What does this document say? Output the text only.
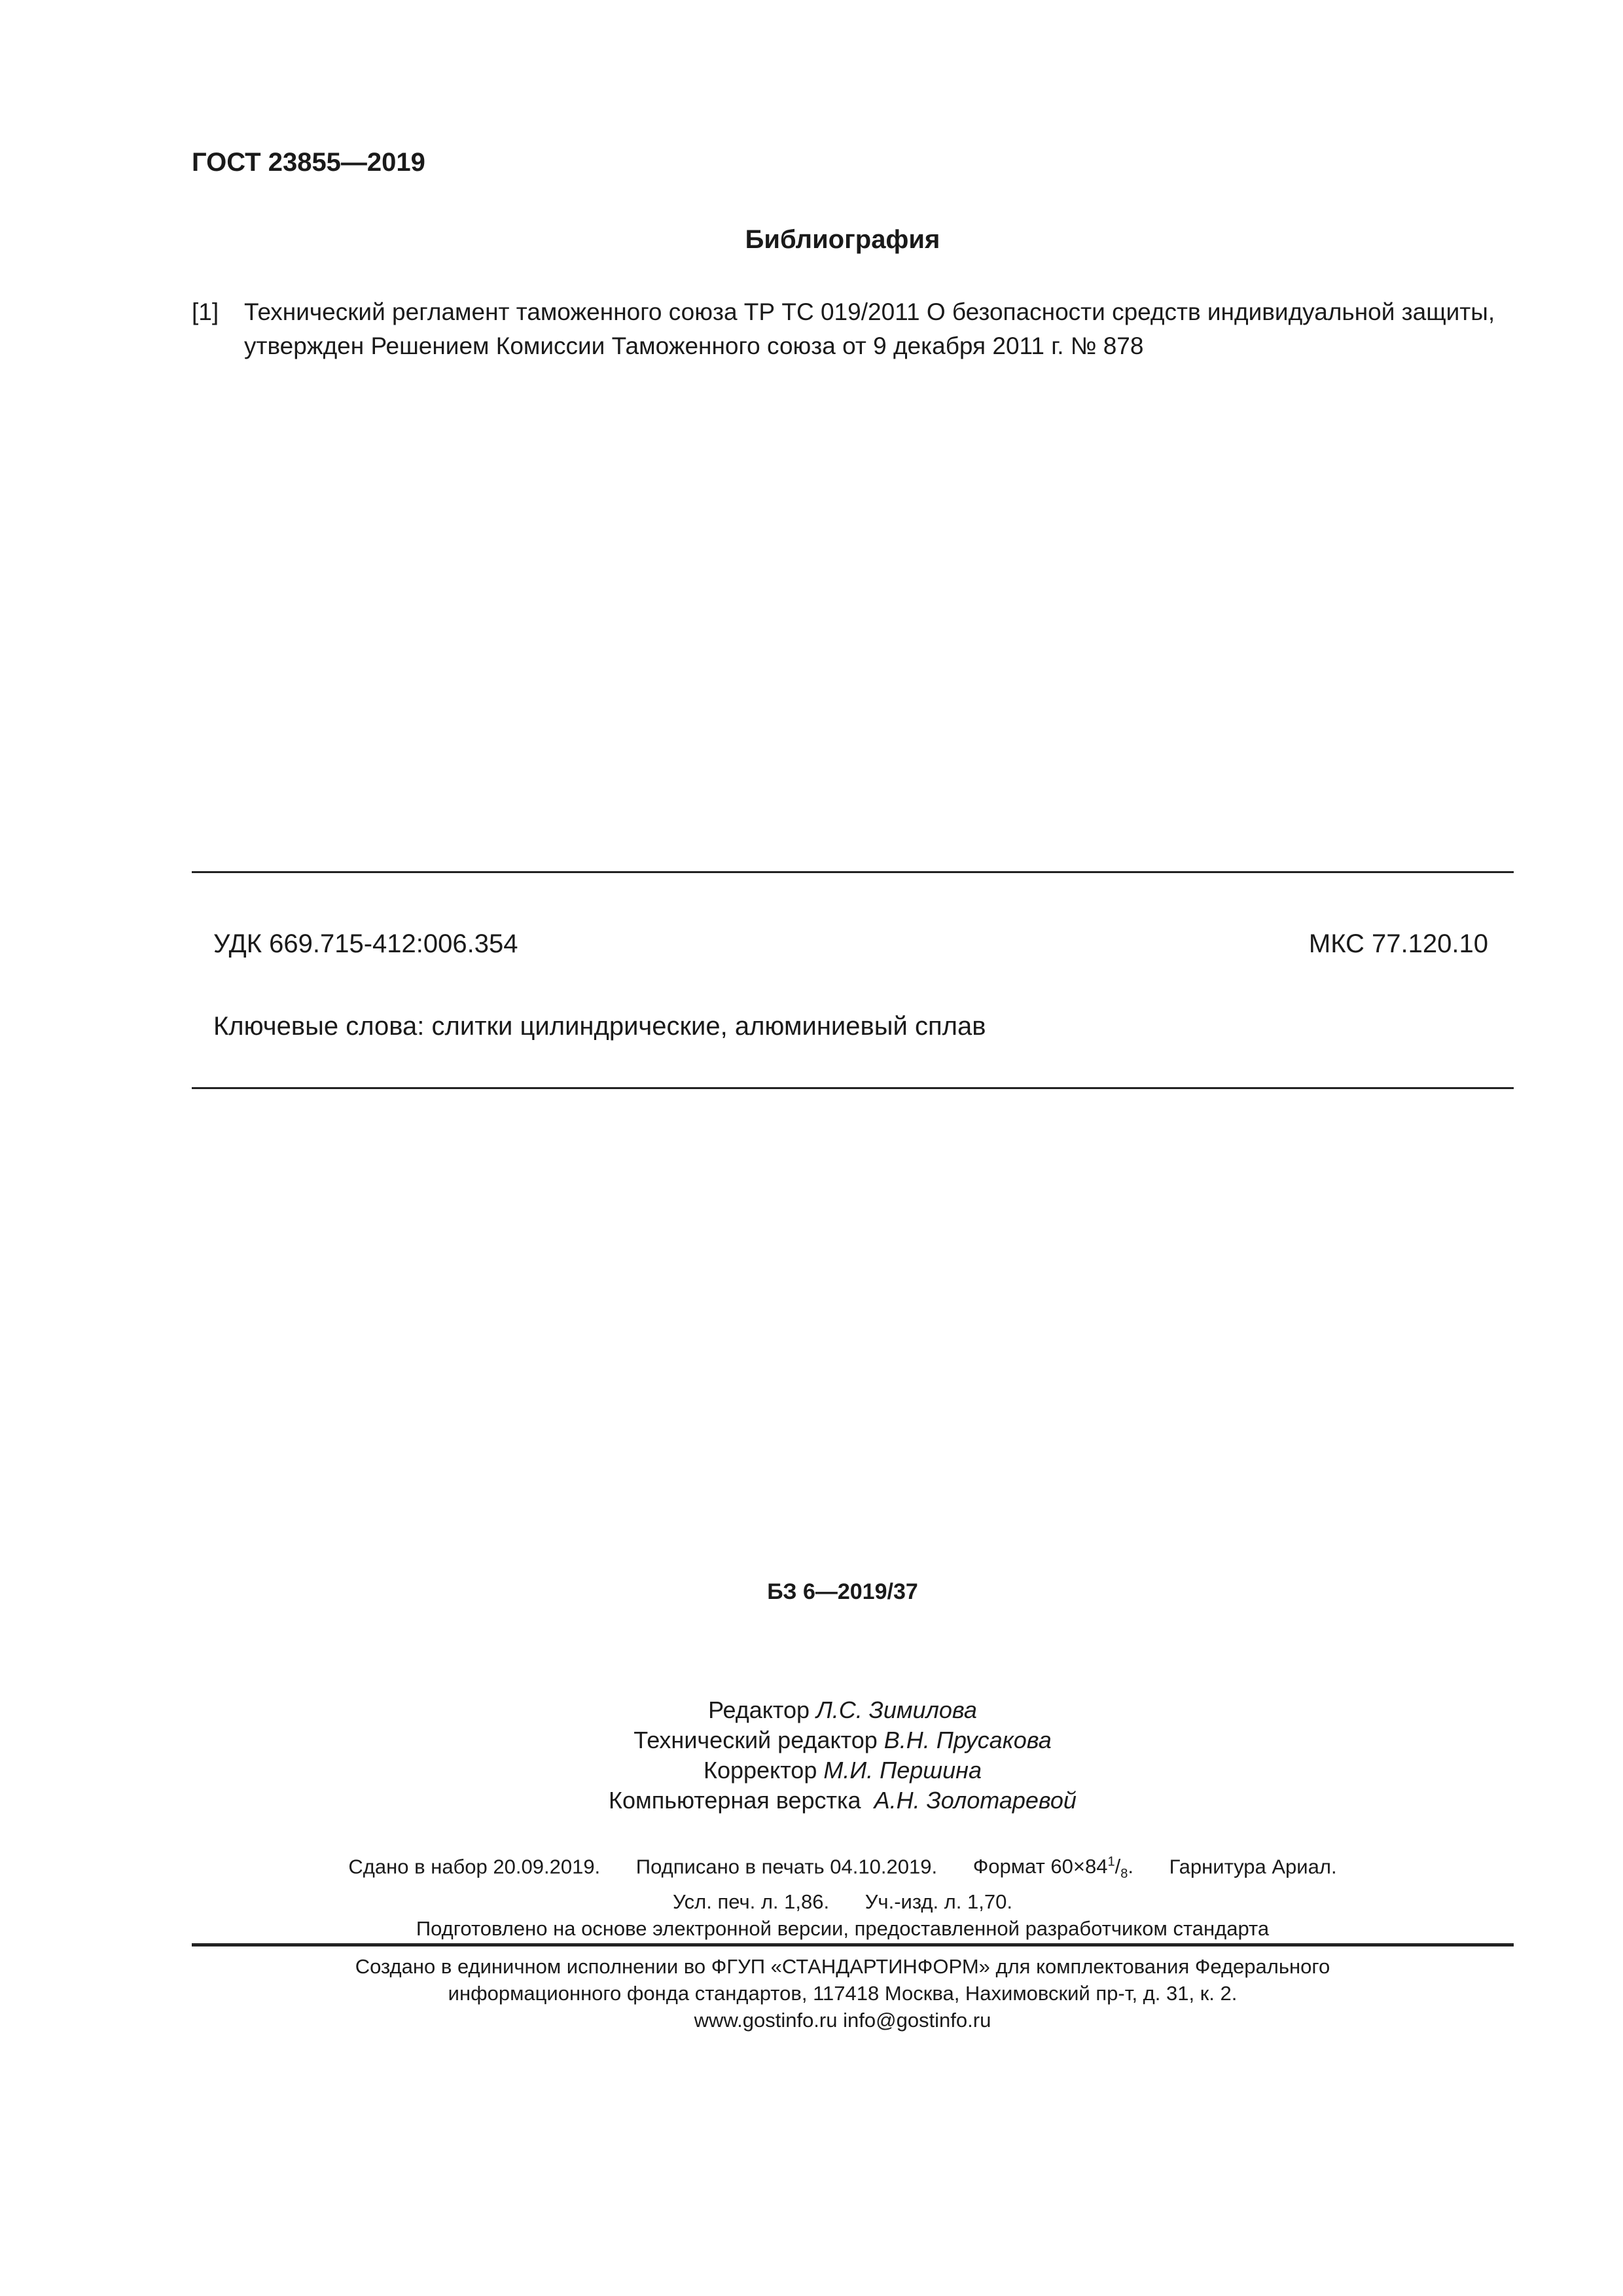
ГОСТ 23855—2019
Библиография
[1] Технический регламент таможенного союза ТР ТС 019/2011 О безопасности средств индивидуальной защиты, утвержден Решением Комиссии Таможенного союза от 9 декабря 2011 г. № 878
УДК 669.715-412:006.354	МКС 77.120.10
Ключевые слова: слитки цилиндрические, алюминиевый сплав
БЗ 6—2019/37
Редактор Л.С. Зимилова
Технический редактор В.Н. Прусакова
Корректор М.И. Першина
Компьютерная верстка А.Н. Золотаревой
Сдано в набор 20.09.2019. Подписано в печать 04.10.2019. Формат $60\times 84^1/_8$. Гарнитура Ариал.
Усл. печ. л. 1,86. Уч.-изд. л. 1,70.
Подготовлено на основе электронной версии, предоставленной разработчиком стандарта
Создано в единичном исполнении во ФГУП «СТАНДАРТИНФОРМ» для комплектования Федерального
информационного фонда стандартов, 117418 Москва, Нахимовский пр-т, д. 31, к. 2.
www.gostinfo.ru info@gostinfo.ru
